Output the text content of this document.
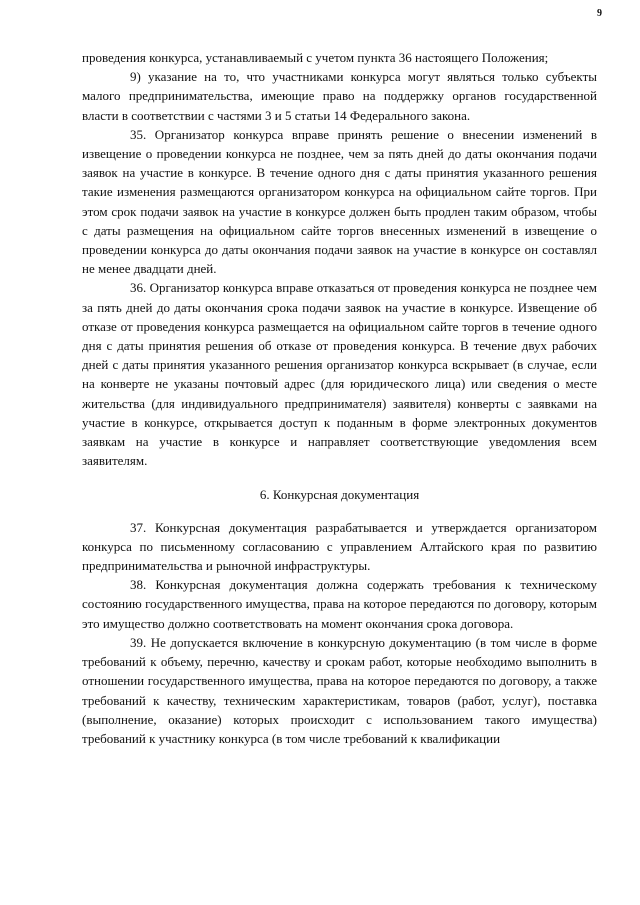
9

проведения конкурса, устанавливаемый с учетом пункта 36 настоящего Положения;

9) указание на то, что участниками конкурса могут являться только субъекты малого предпринимательства, имеющие право на поддержку органов государственной власти в соответствии с частями 3 и 5 статьи 14 Федерального закона.

35. Организатор конкурса вправе принять решение о внесении изменений в извещение о проведении конкурса не позднее, чем за пять дней до даты окончания подачи заявок на участие в конкурсе. В течение одного дня с даты принятия указанного решения такие изменения размещаются организатором конкурса на официальном сайте торгов. При этом срок подачи заявок на участие в конкурсе должен быть продлен таким образом, чтобы с даты размещения на официальном сайте торгов внесенных изменений в извещение о проведении конкурса до даты окончания подачи заявок на участие в конкурсе он составлял не менее двадцати дней.

36. Организатор конкурса вправе отказаться от проведения конкурса не позднее чем за пять дней до даты окончания срока подачи заявок на участие в конкурсе. Извещение об отказе от проведения конкурса размещается на официальном сайте торгов в течение одного дня с даты принятия решения об отказе от проведения конкурса. В течение двух рабочих дней с даты принятия указанного решения организатор конкурса вскрывает (в случае, если на конверте не указаны почтовый адрес (для юридического лица) или сведения о месте жительства (для индивидуального предпринимателя) заявителя) конверты с заявками на участие в конкурсе, открывается доступ к поданным в форме электронных документов заявкам на участие в конкурсе и направляет соответствующие уведомления всем заявителям.

6. Конкурсная документация

37. Конкурсная документация разрабатывается и утверждается организатором конкурса по письменному согласованию с управлением Алтайского края по развитию предпринимательства и рыночной инфраструктуры.

38. Конкурсная документация должна содержать требования к техническому состоянию государственного имущества, права на которое передаются по договору, которым это имущество должно соответствовать на момент окончания срока договора.

39. Не допускается включение в конкурсную документацию (в том числе в форме требований к объему, перечню, качеству и срокам работ, которые необходимо выполнить в отношении государственного имущества, права на которое передаются по договору, а также требований к качеству, техническим характеристикам, товаров (работ, услуг), поставка (выполнение, оказание) которых происходит с использованием такого имущества) требований к участнику конкурса (в том числе требований к квалификации
